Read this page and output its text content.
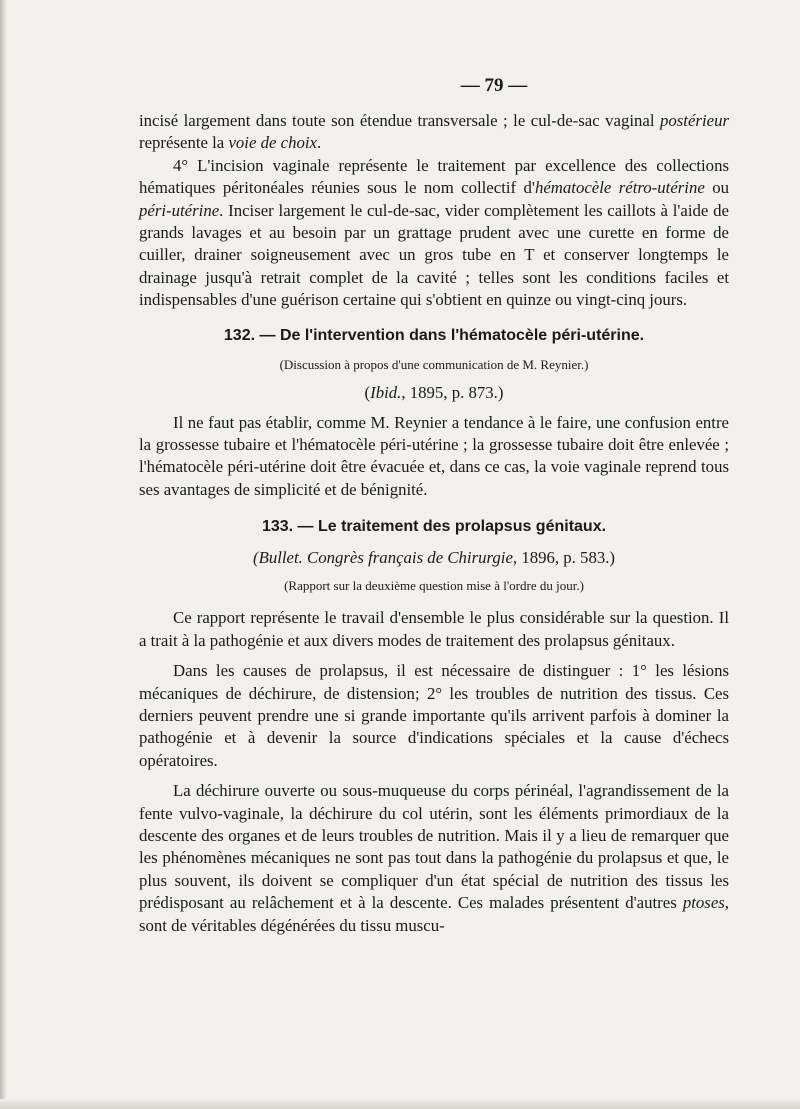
— 79 —

incisé largement dans toute son étendue transversale ; le cul-de-sac vaginal postérieur représente la voie de choix.

4° L'incision vaginale représente le traitement par excellence des collections hématiques péritonéales réunies sous le nom collectif d'hématocèle rétro-utérine ou péri-utérine. Inciser largement le cul-de-sac, vider complètement les caillots à l'aide de grands lavages et au besoin par un grattage prudent avec une curette en forme de cuiller, drainer soigneusement avec un gros tube en T et conserver longtemps le drainage jusqu'à retrait complet de la cavité ; telles sont les conditions faciles et indispensables d'une guérison certaine qui s'obtient en quinze ou vingt-cinq jours.

132. — De l'intervention dans l'hématocèle péri-utérine.
(Discussion à propos d'une communication de M. Reynier.)
(Ibid., 1895, p. 873.)

Il ne faut pas établir, comme M. Reynier a tendance à le faire, une confusion entre la grossesse tubaire et l'hématocèle péri-utérine ; la grossesse tubaire doit être enlevée ; l'hématocèle péri-utérine doit être évacuée et, dans ce cas, la voie vaginale reprend tous ses avantages de simplicité et de bénignité.

133. — Le traitement des prolapsus génitaux.
(Bullet. Congrès français de Chirurgie, 1896, p. 583.)
(Rapport sur la deuxième question mise à l'ordre du jour.)

Ce rapport représente le travail d'ensemble le plus considérable sur la question. Il a trait à la pathogénie et aux divers modes de traitement des prolapsus génitaux.

Dans les causes de prolapsus, il est nécessaire de distinguer : 1° les lésions mécaniques de déchirure, de distension; 2° les troubles de nutrition des tissus. Ces derniers peuvent prendre une si grande importante qu'ils arrivent parfois à dominer la pathogénie et à devenir la source d'indications spéciales et la cause d'échecs opératoires.

La déchirure ouverte ou sous-muqueuse du corps périnéal, l'agrandissement de la fente vulvo-vaginale, la déchirure du col utérin, sont les éléments primordiaux de la descente des organes et de leurs troubles de nutrition. Mais il y a lieu de remarquer que les phénomènes mécaniques ne sont pas tout dans la pathogénie du prolapsus et que, le plus souvent, ils doivent se compliquer d'un état spécial de nutrition des tissus les prédisposant au relâchement et à la descente. Ces malades présentent d'autres ptoses, sont de véritables dégénérées du tissu muscu-
